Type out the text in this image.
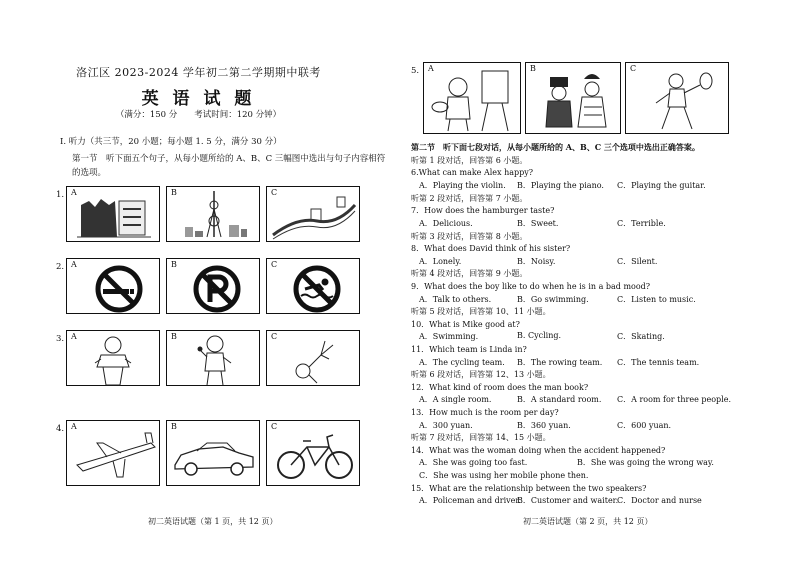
洛江区 2023-2024 学年初二第二学期期中联考
英 语 试 题
（满分：150 分　　考试时间：120 分钟）
Ⅰ. 听力（共三节，20 小题；每小题 1. 5 分，满分 30 分）
第一节　听下面五个句子，从每小题所给的 A、B、C 三幅图中选出与句子内容相符的选项。
1. A	B	C
2. A	B	C
3. A	B	C
4. A	B	C
初二英语试题（第 1 页，共 12 页）
5. A	B	C
第二节　听下面七段对话，从每小题所给的 A、B、C 三个选项中选出正确答案。
听第 1 段对话，回答第 6 小题。
6.What can make Alex happy?
A．Playing the violin. B．Playing the piano. C．Playing the guitar.
听第 2 段对话，回答第 7 小题。
7．How does the hamburger taste?
A．Delicious.	B．Sweet.	C．Terrible.
听第 3 段对话，回答第 8 小题。
8．What does David think of his sister?
A．Lonely.	B．Noisy.	C．Silent.
听第 4 段对话，回答第 9 小题。
9．What does the boy like to do when he is in a bad mood?
A．Talk to others.	B．Go swimming.	C．Listen to music.
听第 5 段对话，回答第 10、11 小题。
10．What is Mike good at?
A．Swimming.	B. Cycling.	C．Skating.
11．Which team is Linda in?
A．The cycling team. B．The rowing team. C．The tennis team.
听第 6 段对话，回答第 12、13 小题。
12．What kind of room does the man book?
A．A single room.	B．A standard room. C．A room for three people.
13．How much is the room per day?
A．300 yuan.	B．360 yuan.	C．600 yuan.
听第 7 段对话，回答第 14、15 小题。
14．What was the woman doing when the accident happened?
A．She was going too fast.	B．She was going the wrong way.
C．She was using her mobile phone then.
15．What are the relationship between the two speakers?
A．Policeman and driver.
B．Customer and waiter.
C．Doctor and nurse
初二英语试题（第 2 页，共 12 页）
